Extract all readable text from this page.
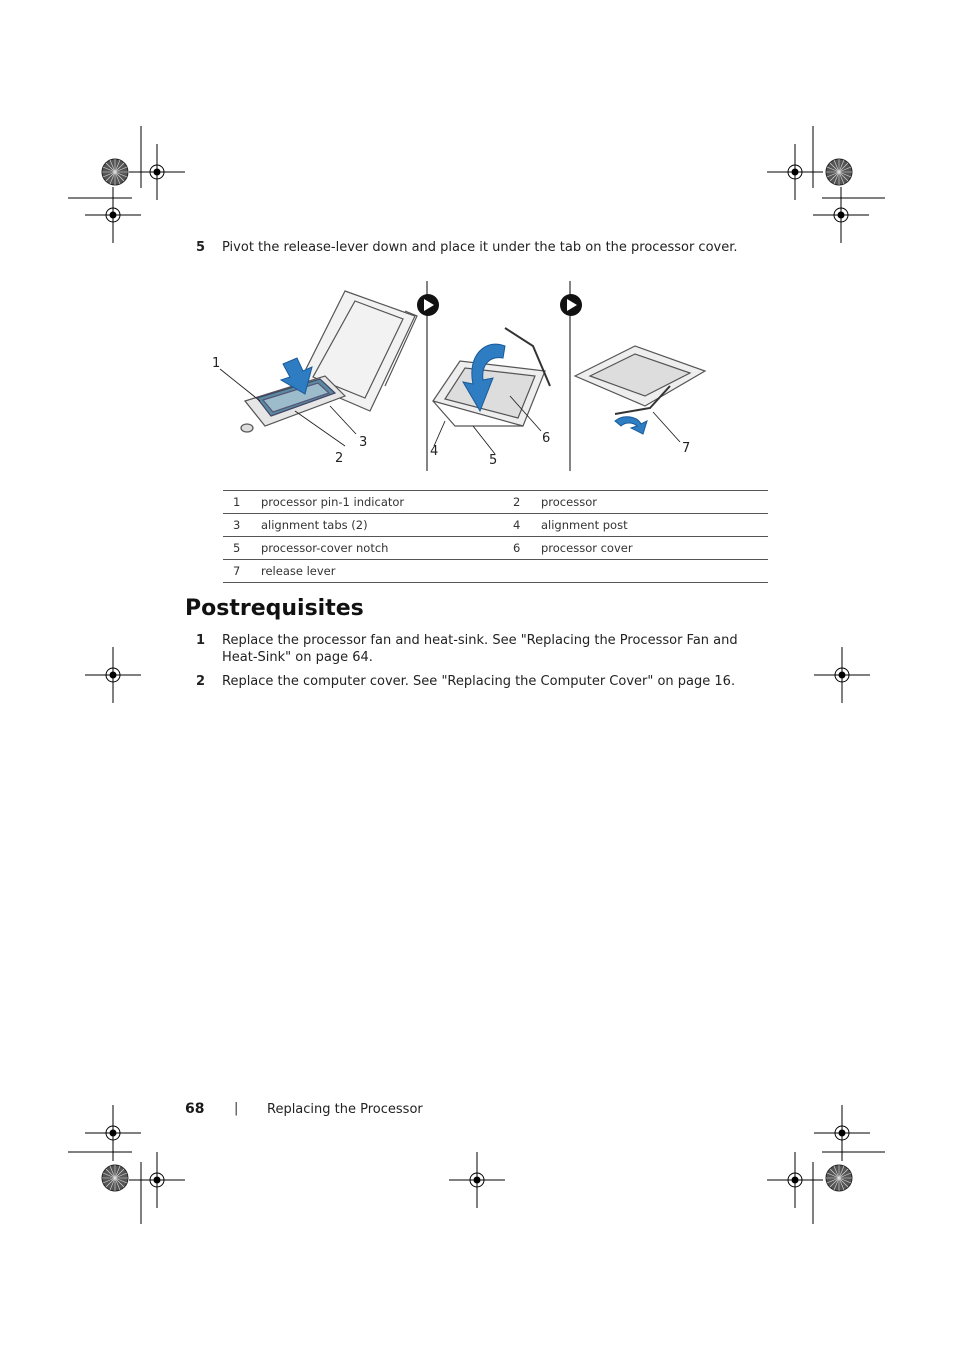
5 Pivot the release-lever down and place it under the tab on the processor cover.
1
2
3
4
5
6
7
1	processor pin-1 indicator	2	processor
3	alignment tabs (2)	4	alignment post
5	processor-cover notch	6	processor cover
7	release lever		
Postrequisites
1 Replace the processor fan and heat-sink. See "Replacing the Processor Fan and Heat-Sink" on page 64.
2 Replace the computer cover. See "Replacing the Computer Cover" on page 16.
68 | Replacing the Processor
